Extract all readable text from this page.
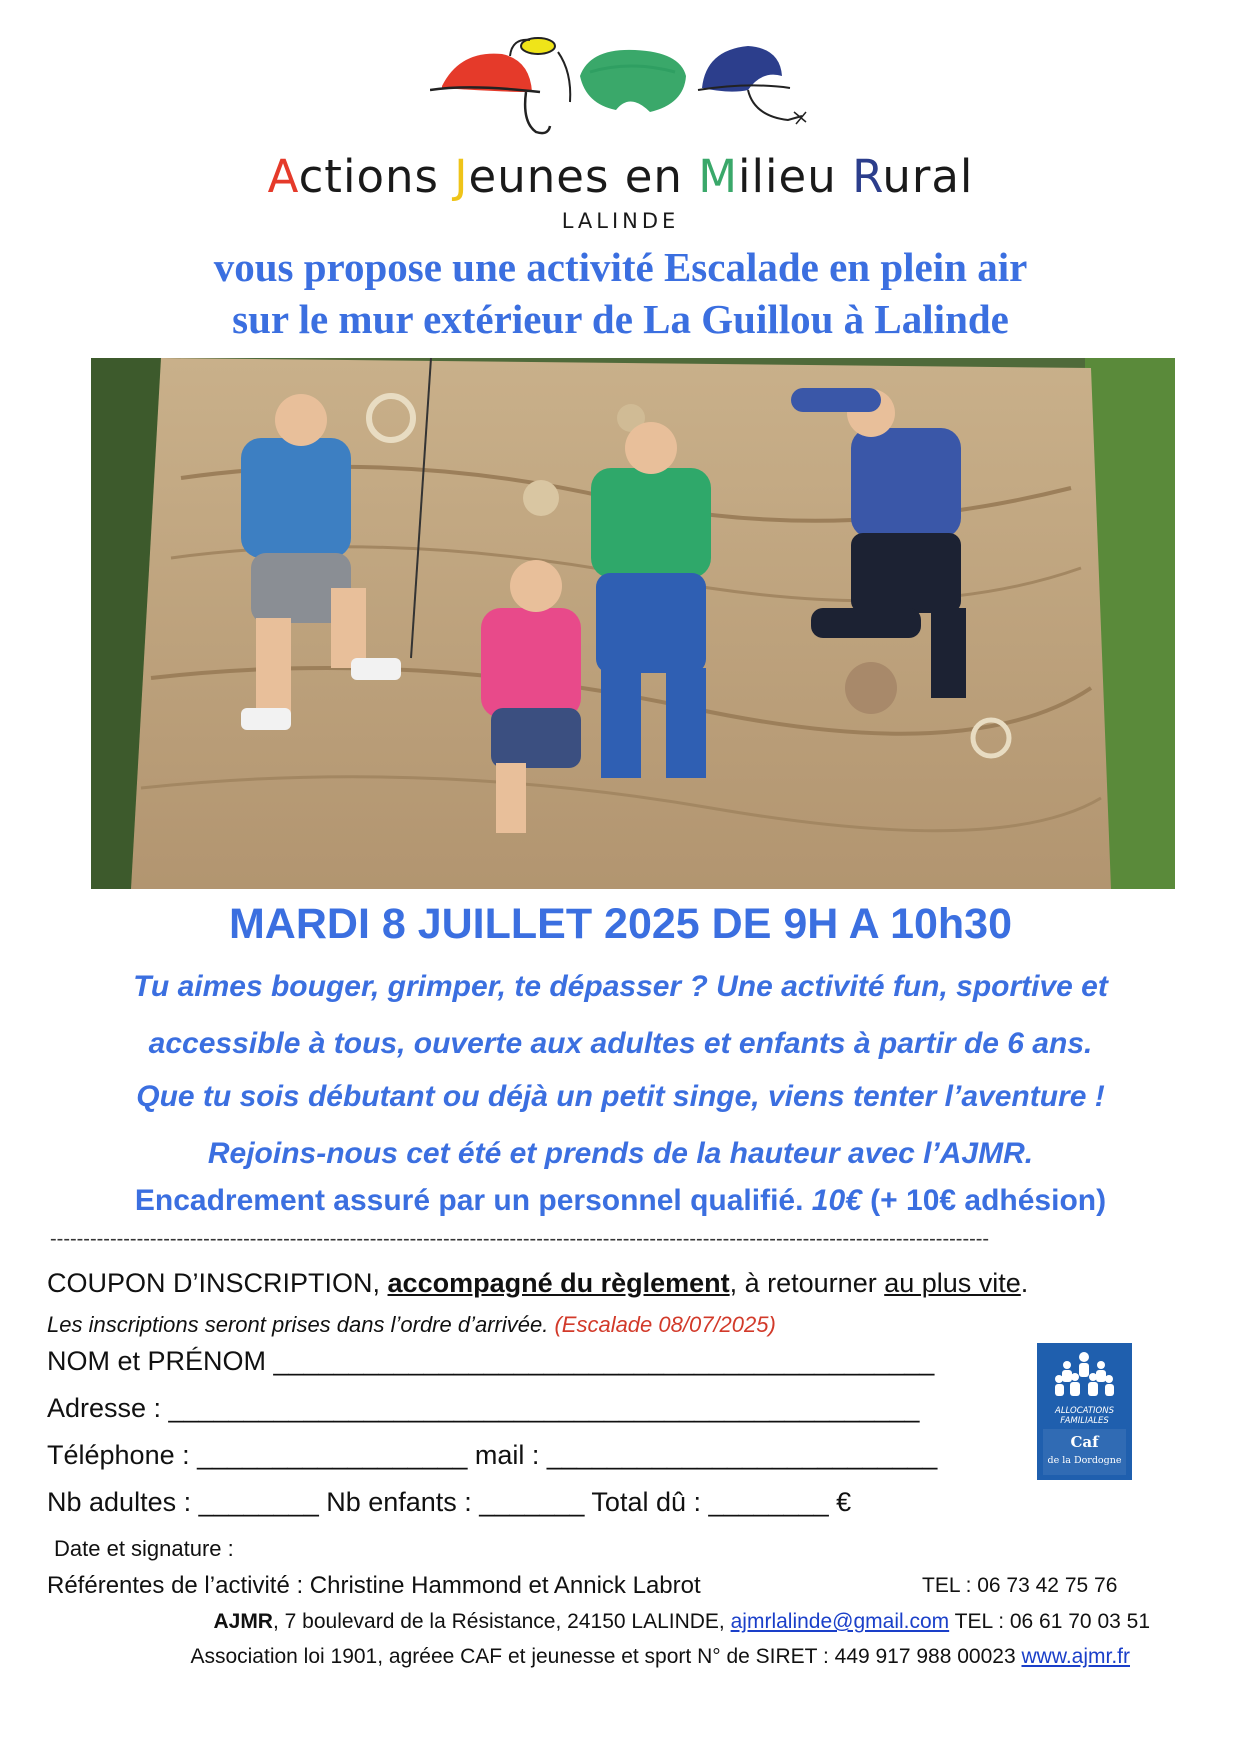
Actions Jeunes en Milieu Rural
LALINDE
vous propose une activité Escalade en plein air
sur le mur extérieur de La Guillou à Lalinde
MARDI 8 JUILLET 2025 DE 9H A 10h30
Tu aimes bouger, grimper, te dépasser ? Une activité fun, sportive et
accessible à tous, ouverte aux adultes et enfants à partir de 6 ans.
Que tu sois débutant ou déjà un petit singe, viens tenter l’aventure !
Rejoins-nous cet été et prends de la hauteur avec l’AJMR.
Encadrement assuré par un personnel qualifié. 10€ (+ 10€ adhésion)
---------------------------------------------------------------------------------------------------------------------------------------------
COUPON D’INSCRIPTION, accompagné du règlement, à retourner au plus vite.
Les inscriptions seront prises dans l’ordre d’arrivée. (Escalade 08/07/2025)
NOM et PRÉNOM ____________________________________________
Adresse : __________________________________________________
Téléphone : __________________ mail : __________________________
Nb adultes : ________ Nb enfants : _______ Total dû : ________ €
Date et signature :
ALLOCATIONS
FAMILIALES
Caf
de la Dordogne
Référentes de l’activité : Christine Hammond et Annick Labrot	TEL : 06 73 42 75 76
AJMR, 7 boulevard de la Résistance, 24150 LALINDE, ajmrlalinde@gmail.com TEL : 06 61 70 03 51
Association loi 1901, agréee CAF et jeunesse et sport N° de SIRET : 449 917 988 00023 www.ajmr.fr
